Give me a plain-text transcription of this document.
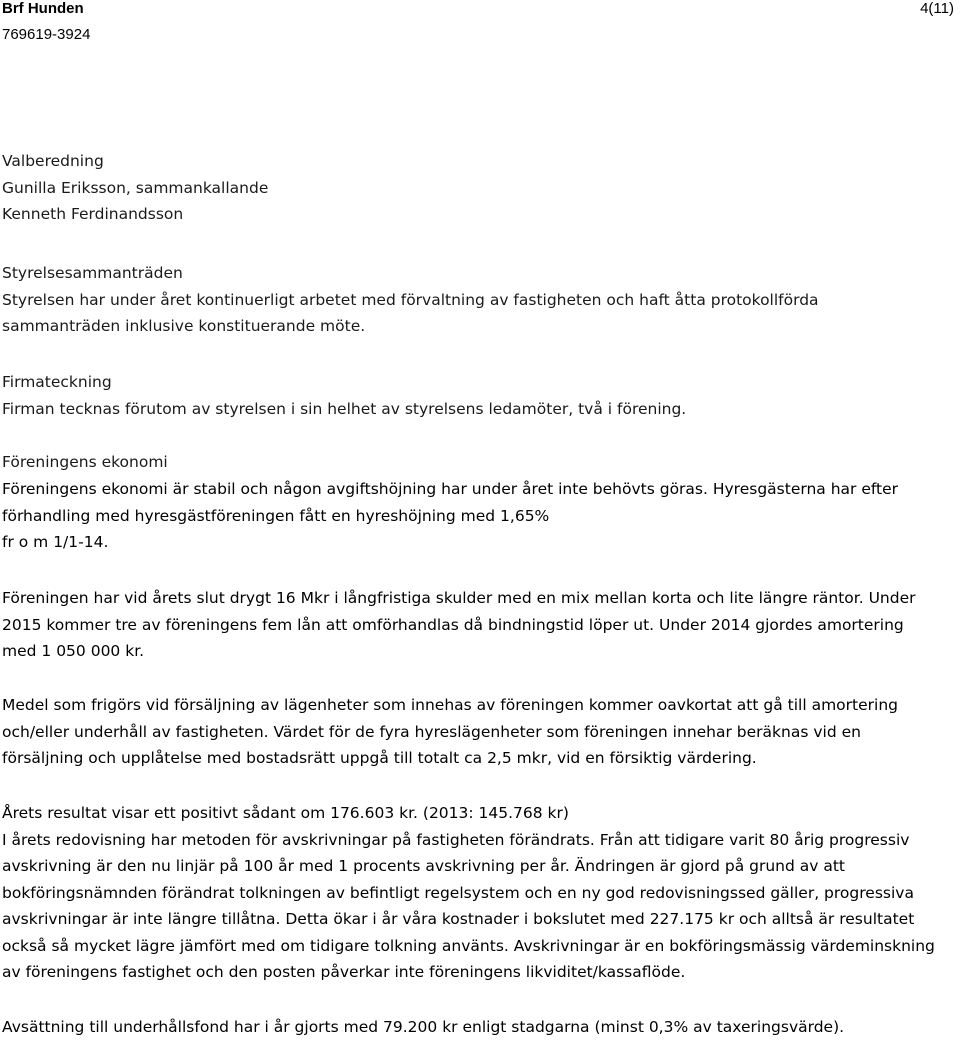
Brf Hunden
769619-3924
4(11)
Valberedning
Gunilla Eriksson, sammankallande
Kenneth Ferdinandsson
Styrelsesammanträden
Styrelsen har under året kontinuerligt arbetet med förvaltning av fastigheten och haft åtta protokollförda
sammanträden inklusive konstituerande möte.
Firmateckning
Firman tecknas förutom av styrelsen i sin helhet av styrelsens ledamöter, två i förening.
Föreningens ekonomi
Föreningens ekonomi är stabil och någon avgiftshöjning har under året inte behövts göras. Hyresgästerna har efter
förhandling med hyresgästföreningen fått en hyreshöjning med 1,65%
fr o m 1/1-14.
Föreningen har vid årets slut drygt 16 Mkr i långfristiga skulder med en mix mellan korta och lite längre räntor. Under
2015 kommer tre av föreningens fem lån att omförhandlas då bindningstid löper ut. Under 2014 gjordes amortering
med 1 050 000 kr.
Medel som frigörs vid försäljning av lägenheter som innehas av föreningen kommer oavkortat att gå till amortering
och/eller underhåll av fastigheten. Värdet för de fyra hyreslägenheter som föreningen innehar beräknas vid en
försäljning och upplåtelse med bostadsrätt uppgå till totalt ca 2,5 mkr, vid en försiktig värdering.
Årets resultat visar ett positivt sådant om 176.603 kr. (2013: 145.768 kr)
I årets redovisning har metoden för avskrivningar på fastigheten förändrats. Från att tidigare varit 80 årig progressiv
avskrivning är den nu linjär på 100 år med 1 procents avskrivning per år. Ändringen är gjord på grund av att
bokföringsnämnden förändrat tolkningen av befintligt regelsystem och en ny god redovisningssed gäller, progressiva
avskrivningar är inte längre tillåtna. Detta ökar i år våra kostnader i bokslutet med 227.175 kr och alltså är resultatet
också så mycket lägre jämfört med om tidigare tolkning använts. Avskrivningar är en bokföringsmässig värdeminskning
av föreningens fastighet och den posten påverkar inte föreningens likviditet/kassaflöde.
Avsättning till underhållsfond har i år gjorts med 79.200 kr enligt stadgarna (minst 0,3% av taxeringsvärde).
